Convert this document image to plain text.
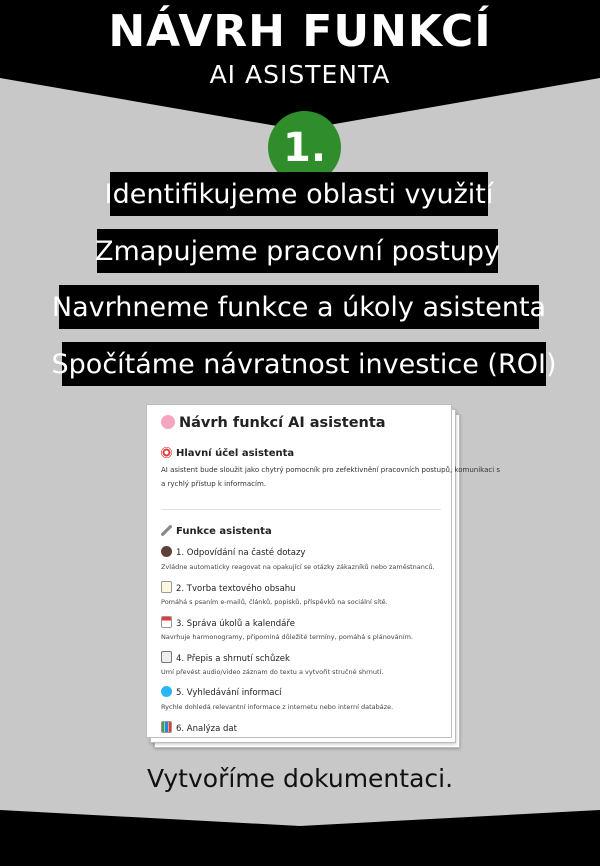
NÁVRH FUNKCÍ
AI ASISTENTA
1.
Identifikujeme oblasti využití
Zmapujeme pracovní postupy
Navrhneme funkce a úkoly asistenta
Spočítáme návratnost investice (ROI)
Návrh funkcí AI asistenta
Hlavní účel asistenta
AI asistent bude sloužit jako chytrý pomocník pro zefektivnění pracovních postupů, komunikaci s
a rychlý přístup k informacím.
Funkce asistenta
1. Odpovídání na časté dotazy
Zvládne automaticky reagovat na opakující se otázky zákazníků nebo zaměstnanců.
2. Tvorba textového obsahu
Pomáhá s psaním e-mailů, článků, popisků, příspěvků na sociální sítě.
3. Správa úkolů a kalendáře
Navrhuje harmonogramy, připomíná důležité termíny, pomáhá s plánováním.
4. Přepis a shrnutí schůzek
Umí převést audio/video záznam do textu a vytvořit stručné shrnutí.
5. Vyhledávání informací
Rychle dohledá relevantní informace z internetu nebo interní databáze.
6. Analýza dat
Vytvoříme dokumentaci.
